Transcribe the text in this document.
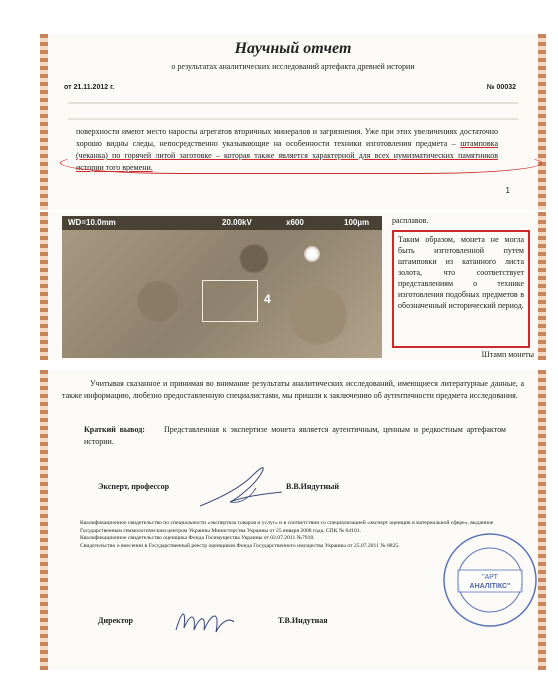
Научный отчет
о результатах аналитических исследований артефакта древней истории
от 21.11.2012 г.	№ 00032
поверхности имеют место наросты агрегатов вторичных минералов и загрязнения. Уже при этих увеличениях достаточно хорошо видны следы, непосредственно указывающие на особенности техники изготовления предмета – штамповка (чеканка) по горячей литой заготовке – которая также является характерной для всех нумизматических памятников истории того времени.
1
WD=10.0mm	20.00kV	x600	100µm
4
расплавов.
Таким образом, монета не могла быть изготовленной путем штамповки из катанного листа золота, что соответствует представлениям о технике изготовления подобных предметов в обозначенный исторический период.
Штамп монеты
Учитывая сказанное и принимая во внимание результаты аналитических исследований, имеющиеся литературные данные, а также информацию, любезно предоставленную специалистами, мы пришли к заключению об аутентичности предмета исследования.
Краткий вывод: Представленная к экспертизе монета является аутентичным, ценным и редкостным артефактом истории.
Эксперт, профессор	В.В.Индутный
Квалификационное свидетельство по специальности «экспертиза товаров и услуг» и в соответствии со специализацией «эксперт оценщик в материальной сфере», выданное Государственным геммологическим центром Украины Министерства Украины от 25 января 2008 года, СПК № 04101.
Квалификационное свидетельство оценщика Фонда Госимущества Украины от 02.07.2011 №7918.
Свидетельство о внесении в Государственный реестр оценщиков Фонда Государственного имущества Украины от 25.07.2011 № 8825.
"АРТ
АНАЛІТІКС"
Директор	Т.В.Индутная
